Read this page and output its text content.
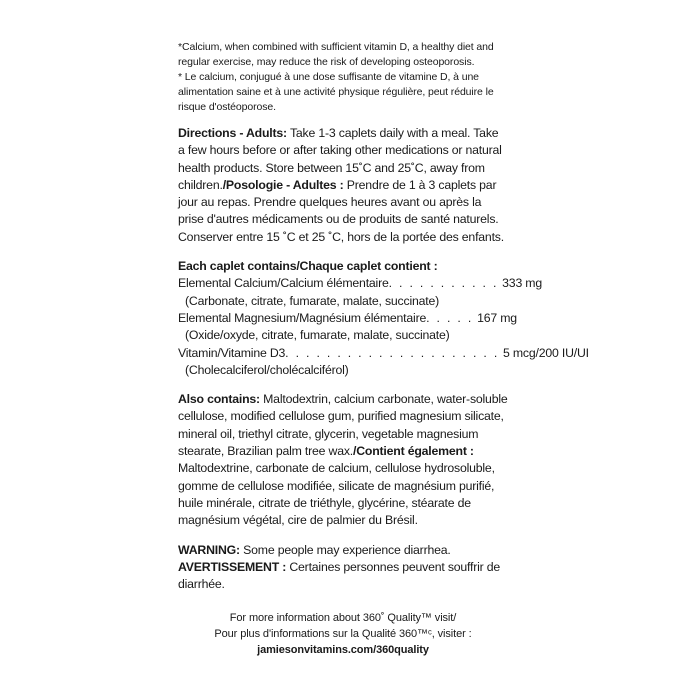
*Calcium, when combined with sufficient vitamin D, a healthy diet and regular exercise, may reduce the risk of developing osteoporosis.

* Le calcium, conjugué à une dose suffisante de vitamine D, à une alimentation saine et à une activité physique régulière, peut réduire le risque d'ostéoporose.

Directions - Adults: Take 1-3 caplets daily with a meal. Take a few hours before or after taking other medications or natural health products. Store between 15˚C and 25˚C, away from children./Posologie - Adultes : Prendre de 1 à 3 caplets par jour au repas. Prendre quelques heures avant ou après la prise d'autres médicaments ou de produits de santé naturels. Conserver entre 15 ˚C et 25 ˚C, hors de la portée des enfants.

Each caplet contains/Chaque caplet contient :

Elemental Calcium/Calcium élémentaire . . . . . . . . . . . 333 mg

(Carbonate, citrate, fumarate, malate, succinate)

Elemental Magnesium/Magnésium élémentaire . . . . . 167 mg

(Oxide/oxyde, citrate, fumarate, malate, succinate)

Vitamin/Vitamine D3 . . . . . . . . . . . . . . . . . . . . . 5 mcg/200 IU/UI

(Cholecalciferol/cholécalciférol)

Also contains: Maltodextrin, calcium carbonate, water-soluble cellulose, modified cellulose gum, purified magnesium silicate, mineral oil, triethyl citrate, glycerin, vegetable magnesium stearate, Brazilian palm tree wax./Contient également : Maltodextrine, carbonate de calcium, cellulose hydrosoluble, gomme de cellulose modifiée, silicate de magnésium purifié, huile minérale, citrate de triéthyle, glycérine, stéarate de magnésium végétal, cire de palmier du Brésil.

WARNING: Some people may experience diarrhea.

AVERTISSEMENT : Certaines personnes peuvent souffrir de diarrhée.

For more information about 360˚ Quality™ visit/

Pour plus d'informations sur la Qualité 360™ᶜ, visiter :

jamiesonvitamins.com/360quality
